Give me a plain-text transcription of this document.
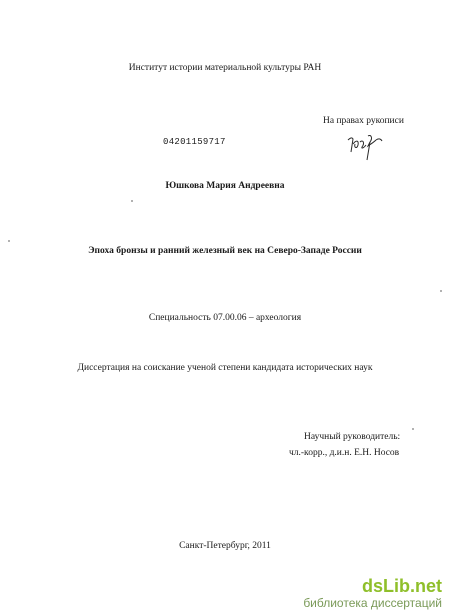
Институт истории материальной культуры РАН
На правах рукописи
04201159717
Юшкова Мария Андреевна
Эпоха бронзы и ранний железный век на Северо-Западе России
Специальность 07.00.06 – археология
Диссертация на соискание ученой степени кандидата исторических наук
Научный руководитель:
чл.-корр., д.и.н. Е.Н. Носов
Санкт-Петербург, 2011
dsLib.net
библиотека диссертаций
